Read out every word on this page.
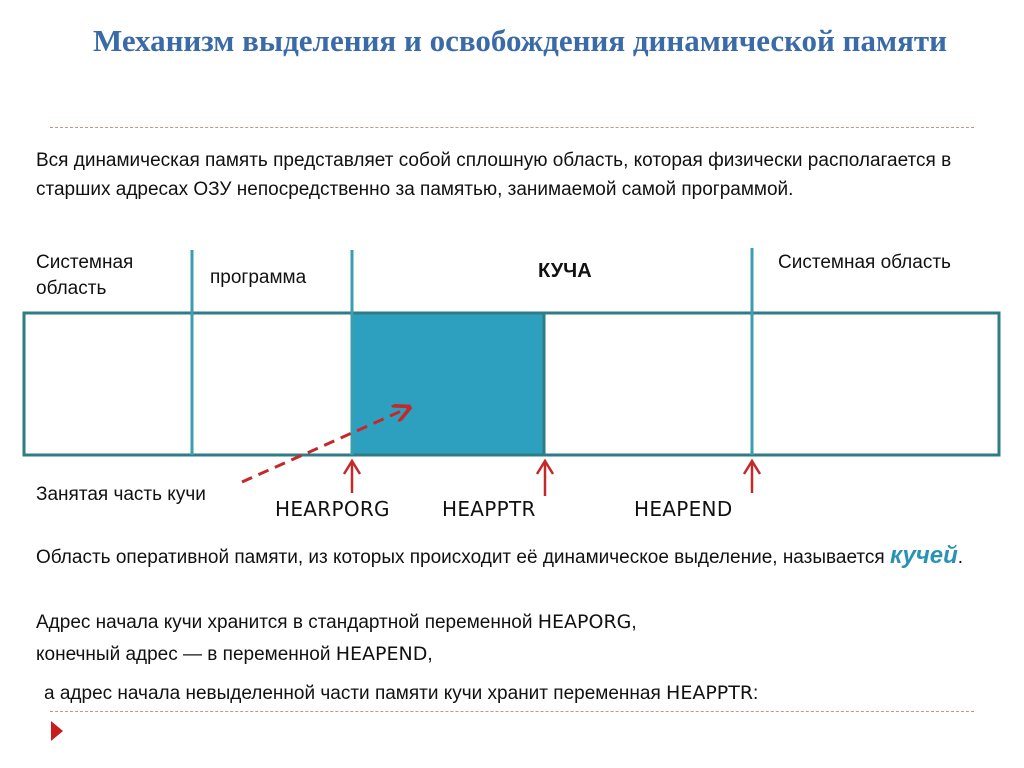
Механизм выделения и освобождения динамической памяти
Вся динамическая память представляет собой сплошную область, которая физически располагается в старших адресах ОЗУ непосредственно за памятью, занимаемой самой программой.
Системная область
программа	КУЧА	Системная область
Занятая часть кучи
HEARPORG	HEAPPTR	HEAPEND

Область оперативной памяти, из которых происходит её динамическое выделение, называется кучей.

Адрес начала кучи хранится в стандартной переменной HEAPORG,

конечный адрес — в переменной HEAPEND,

а адрес начала невыделенной части памяти кучи хранит переменная HEAPPTR:
